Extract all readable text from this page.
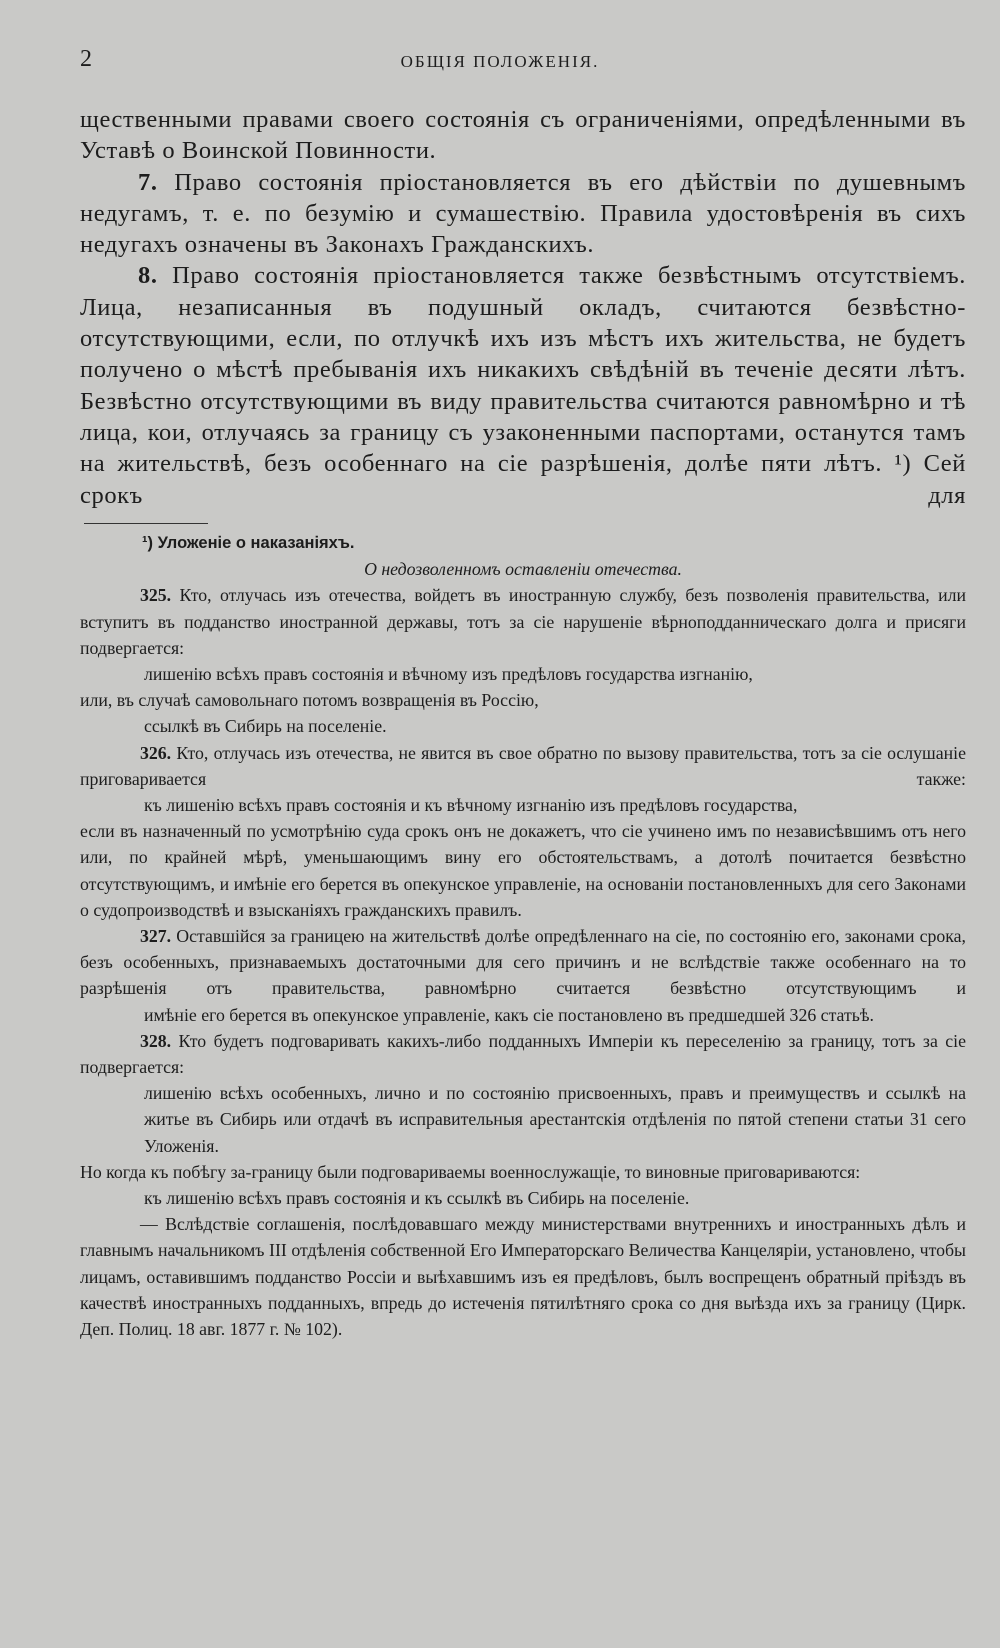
2	ОБЩІЯ ПОЛОЖЕНІЯ.

щественными правами своего состоянія съ ограниченіями, опредѣленными въ Уставѣ о Воинской Повинности.

7. Право состоянія пріостановляется въ его дѣйствіи по душевнымъ недугамъ, т. е. по безумію и сумашествію. Правила удостовѣренія въ сихъ недугахъ означены въ Законахъ Гражданскихъ.

8. Право состоянія пріостановляется также безвѣстнымъ отсутствіемъ. Лица, незаписанныя въ подушный окладъ, считаются безвѣстно-отсутствующими, если, по отлучкѣ ихъ изъ мѣстъ ихъ жительства, не будетъ получено о мѣстѣ пребыванія ихъ никакихъ свѣдѣній въ теченіе десяти лѣтъ. Безвѣстно отсутствующими въ виду правительства считаются равномѣрно и тѣ лица, кои, отлучаясь за границу съ узаконенными паспортами, останутся тамъ на жительствѣ, безъ особеннаго на сіе разрѣшенія, долѣе пяти лѣтъ. ¹) Сей срокъ для

¹) Уложеніе о наказаніяхъ.

О недозволенномъ оставленіи отечества.

325. Кто, отлучась изъ отечества, войдетъ въ иностранную службу, безъ позволенія правительства, или вступитъ въ подданство иностранной державы, тотъ за сіе нарушеніе вѣрноподданническаго долга и присяги подвергается:

лишенію всѣхъ правъ состоянія и вѣчному изъ предѣловъ государства изгнанію,

или, въ случаѣ самовольнаго потомъ возвращенія въ Россію,

ссылкѣ въ Сибирь на поселеніе.

326. Кто, отлучась изъ отечества, не явится въ свое обратно по вызову правительства, тотъ за сіе ослушаніе приговаривается также:

къ лишенію всѣхъ правъ состоянія и къ вѣчному изгнанію изъ предѣловъ государства,

если въ назначенный по усмотрѣнію суда срокъ онъ не докажетъ, что сіе учинено имъ по независѣвшимъ отъ него или, по крайней мѣрѣ, уменьшающимъ вину его обстоятельствамъ, а дотолѣ почитается безвѣстно отсутствующимъ, и имѣніе его берется въ опекунское управленіе, на основаніи постановленныхъ для сего Законами о судопроизводствѣ и взысканіяхъ гражданскихъ правилъ.

327. Оставшійся за границею на жительствѣ долѣе опредѣленнаго на сіе, по состоянію его, законами срока, безъ особенныхъ, признаваемыхъ достаточными для сего причинъ и не вслѣдствіе также особеннаго на то разрѣшенія отъ правительства, равномѣрно считается безвѣстно отсутствующимъ и

имѣніе его берется въ опекунское управленіе, какъ сіе постановлено въ предшедшей 326 статьѣ.

328. Кто будетъ подговаривать какихъ-либо подданныхъ Имперіи къ переселенію за границу, тотъ за сіе подвергается:

лишенію всѣхъ особенныхъ, лично и по состоянію присвоенныхъ, правъ и преимуществъ и ссылкѣ на житье въ Сибирь или отдачѣ въ исправительныя арестантскія отдѣленія по пятой степени статьи 31 сего Уложенія.

Но когда къ побѣгу за-границу были подговариваемы военнослужащіе, то виновные приговариваются:

къ лишенію всѣхъ правъ состоянія и къ ссылкѣ въ Сибирь на поселеніе.

— Вслѣдствіе соглашенія, послѣдовавшаго между министерствами внутреннихъ и иностранныхъ дѣлъ и главнымъ начальникомъ III отдѣленія собственной Его Императорскаго Величества Канцеляріи, установлено, чтобы лицамъ, оставившимъ подданство Россіи и выѣхавшимъ изъ ея предѣловъ, былъ воспрещенъ обратный пріѣздъ въ качествѣ иностранныхъ подданныхъ, впредь до истеченія пятилѣтняго срока со дня выѣзда ихъ за границу (Цирк. Деп. Полиц. 18 авг. 1877 г. № 102).
